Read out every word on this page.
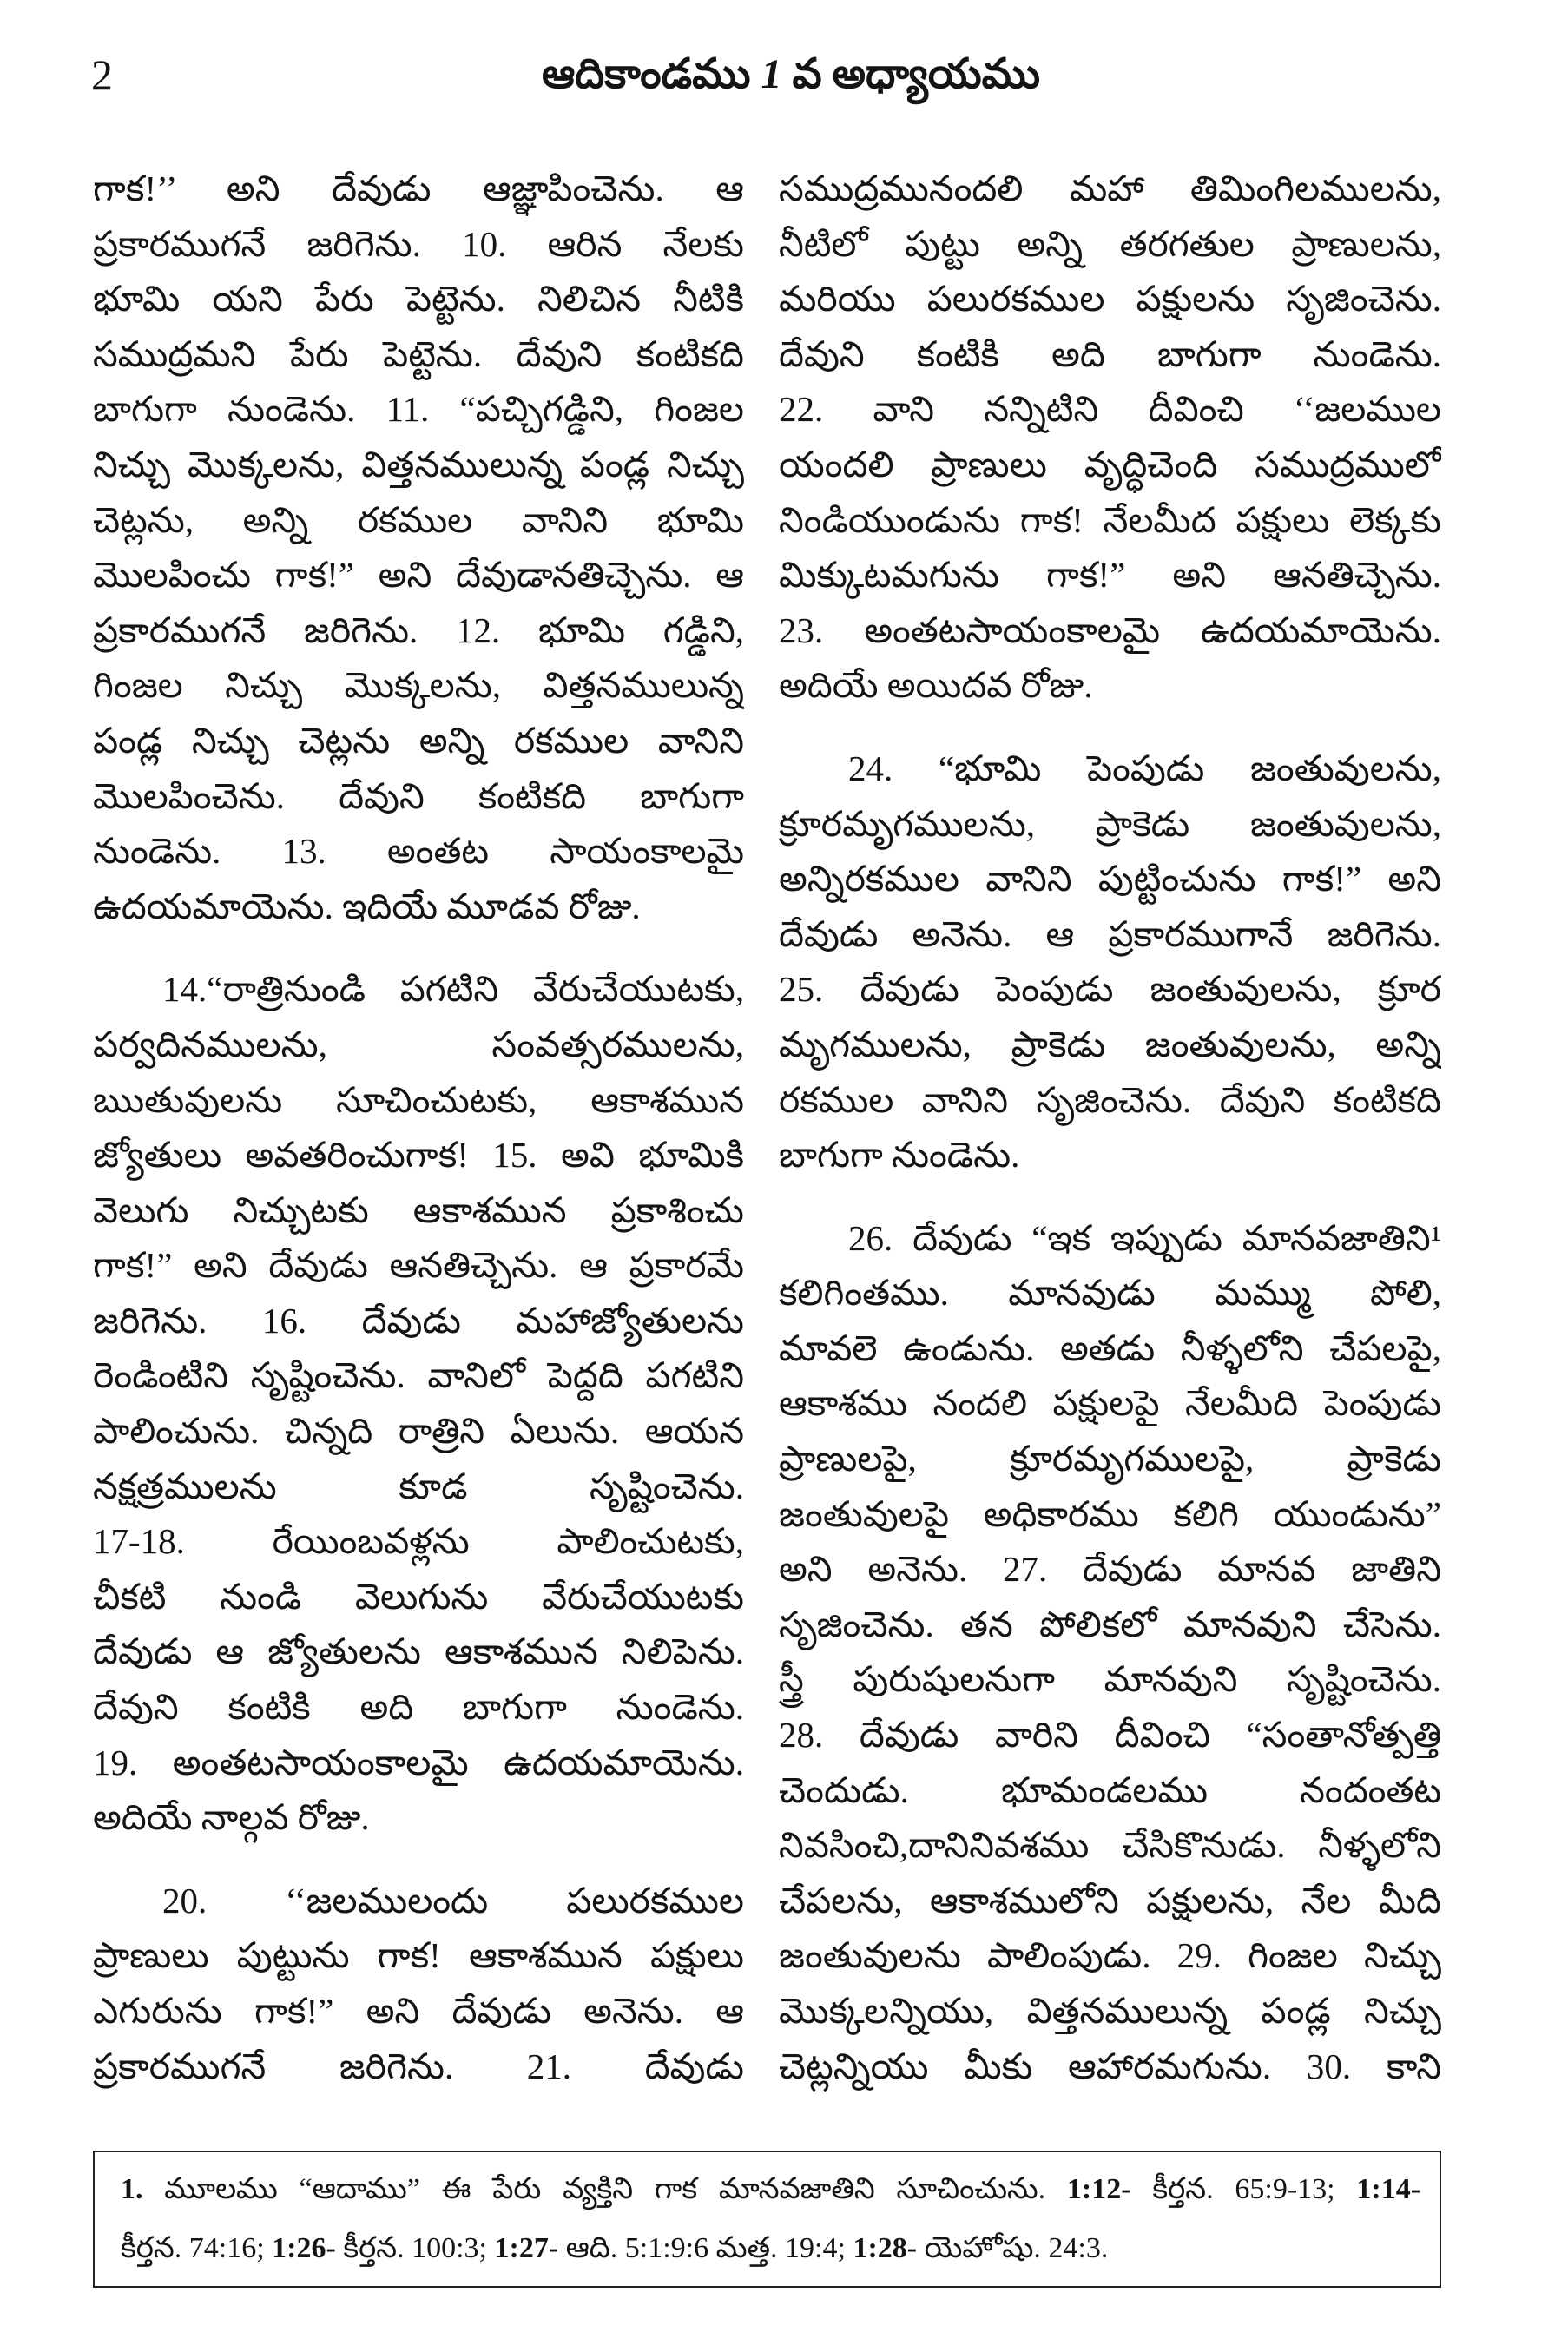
2	ఆదికాండము 1 వ అధ్యాయము
గాక!’’ అని దేవుడు ఆజ్ఞాపించెను. ఆ
ప్రకారముగనే జరిగెను. 10. ఆరిన నేలకు
భూమి యని పేరు పెట్టెను. నిలిచిన నీటికి
సముద్రమని పేరు పెట్టెను. దేవుని కంటికది
బాగుగా నుండెను. 11. “పచ్చిగడ్డిని, గింజల
నిచ్చు మొక్కలను, విత్తనములున్న పండ్ల నిచ్చు
చెట్లను, అన్ని రకముల వానిని భూమి
మొలపించు గాక!” అని దేవుడానతిచ్చెను. ఆ
ప్రకారముగనే జరిగెను. 12. భూమి గడ్డిని,
గింజల నిచ్చు మొక్కలను, విత్తనములున్న
పండ్ల నిచ్చు చెట్లను అన్ని రకముల వానిని
మొలపించెను. దేవుని కంటికది బాగుగా
నుండెను. 13. అంతట సాయంకాలమై
ఉదయమాయెను. ఇదియే మూడవ రోజు.
14.“రాత్రినుండి పగటిని వేరుచేయుటకు,
పర్వదినములను, సంవత్సరములను,
ఋతువులను సూచించుటకు, ఆకాశమున
జ్యోతులు అవతరించుగాక! 15. అవి భూమికి
వెలుగు నిచ్చుటకు ఆకాశమున ప్రకాశించు
గాక!” అని దేవుడు ఆనతిచ్చెను. ఆ ప్రకారమే
జరిగెను. 16. దేవుడు మహాజ్యోతులను
రెండింటిని సృష్టించెను. వానిలో పెద్దది పగటిని
పాలించును. చిన్నది రాత్రిని ఏలును. ఆయన
నక్షత్రములను కూడ సృష్టించెను.
17-18. రేయింబవళ్లను పాలించుటకు,
చీకటి నుండి వెలుగును వేరుచేయుటకు
దేవుడు ఆ జ్యోతులను ఆకాశమున నిలిపెను.
దేవుని కంటికి అది బాగుగా నుండెను.
19. అంతటసాయంకాలమై ఉదయమాయెను.
అదియే నాల్గవ రోజు.
20. ‘‘జలములందు పలురకముల
ప్రాణులు పుట్టును గాక! ఆకాశమున పక్షులు
ఎగురును గాక!” అని దేవుడు అనెను. ఆ
ప్రకారముగనే జరిగెను. 21. దేవుడు
సముద్రమునందలి మహా తిమింగిలములను,
నీటిలో పుట్టు అన్ని తరగతుల ప్రాణులను,
మరియు పలురకముల పక్షులను సృజించెను.
దేవుని కంటికి అది బాగుగా నుండెను.
22. వాని నన్నిటిని దీవించి ‘‘జలముల
యందలి ప్రాణులు వృద్ధిచెంది సముద్రములో
నిండియుండును గాక! నేలమీద పక్షులు లెక్కకు
మిక్కుటమగును గాక!” అని ఆనతిచ్చెను.
23. అంతటసాయంకాలమై ఉదయమాయెను.
అదియే అయిదవ రోజు.
24. “భూమి పెంపుడు జంతువులను,
క్రూరమృగములను, ప్రాకెడు జంతువులను,
అన్నిరకముల వానిని పుట్టించును గాక!” అని
దేవుడు అనెను. ఆ ప్రకారముగానే జరిగెను.
25. దేవుడు పెంపుడు జంతువులను, క్రూర
మృగములను, ప్రాకెడు జంతువులను, అన్ని
రకముల వానిని సృజించెను. దేవుని కంటికది
బాగుగా నుండెను.
26. దేవుడు “ఇక ఇప్పుడు మానవజాతిని¹
కలిగింతము. మానవుడు మమ్ము పోలి,
మావలె ఉండును. అతడు నీళ్ళలోని చేపలపై,
ఆకాశము నందలి పక్షులపై నేలమీది పెంపుడు
ప్రాణులపై, క్రూరమృగములపై, ప్రాకెడు
జంతువులపై అధికారము కలిగి యుండును”
అని అనెను. 27. దేవుడు మానవ జాతిని
సృజించెను. తన పోలికలో మానవుని చేసెను.
స్త్రీ పురుషులనుగా మానవుని సృష్టించెను.
28. దేవుడు వారిని దీవించి “సంతానోత్పత్తి
చెందుడు. భూమండలము నందంతట
నివసించి,దానినివశము చేసికొనుడు. నీళ్ళలోని
చేపలను, ఆకాశములోని పక్షులను, నేల మీది
జంతువులను పాలింపుడు. 29. గింజల నిచ్చు
మొక్కలన్నియు, విత్తనములున్న పండ్ల నిచ్చు
చెట్లన్నియు మీకు ఆహారమగును. 30. కాని
1. మూలము “ఆదాము” ఈ పేరు వ్యక్తిని గాక మానవజాతిని సూచించును. 1:12- కీర్తన. 65:9-13; 1:14-
కీర్తన. 74:16; 1:26- కీర్తన. 100:3; 1:27- ఆది. 5:1:9:6 మత్త. 19:4; 1:28- యెహోషు. 24:3.
